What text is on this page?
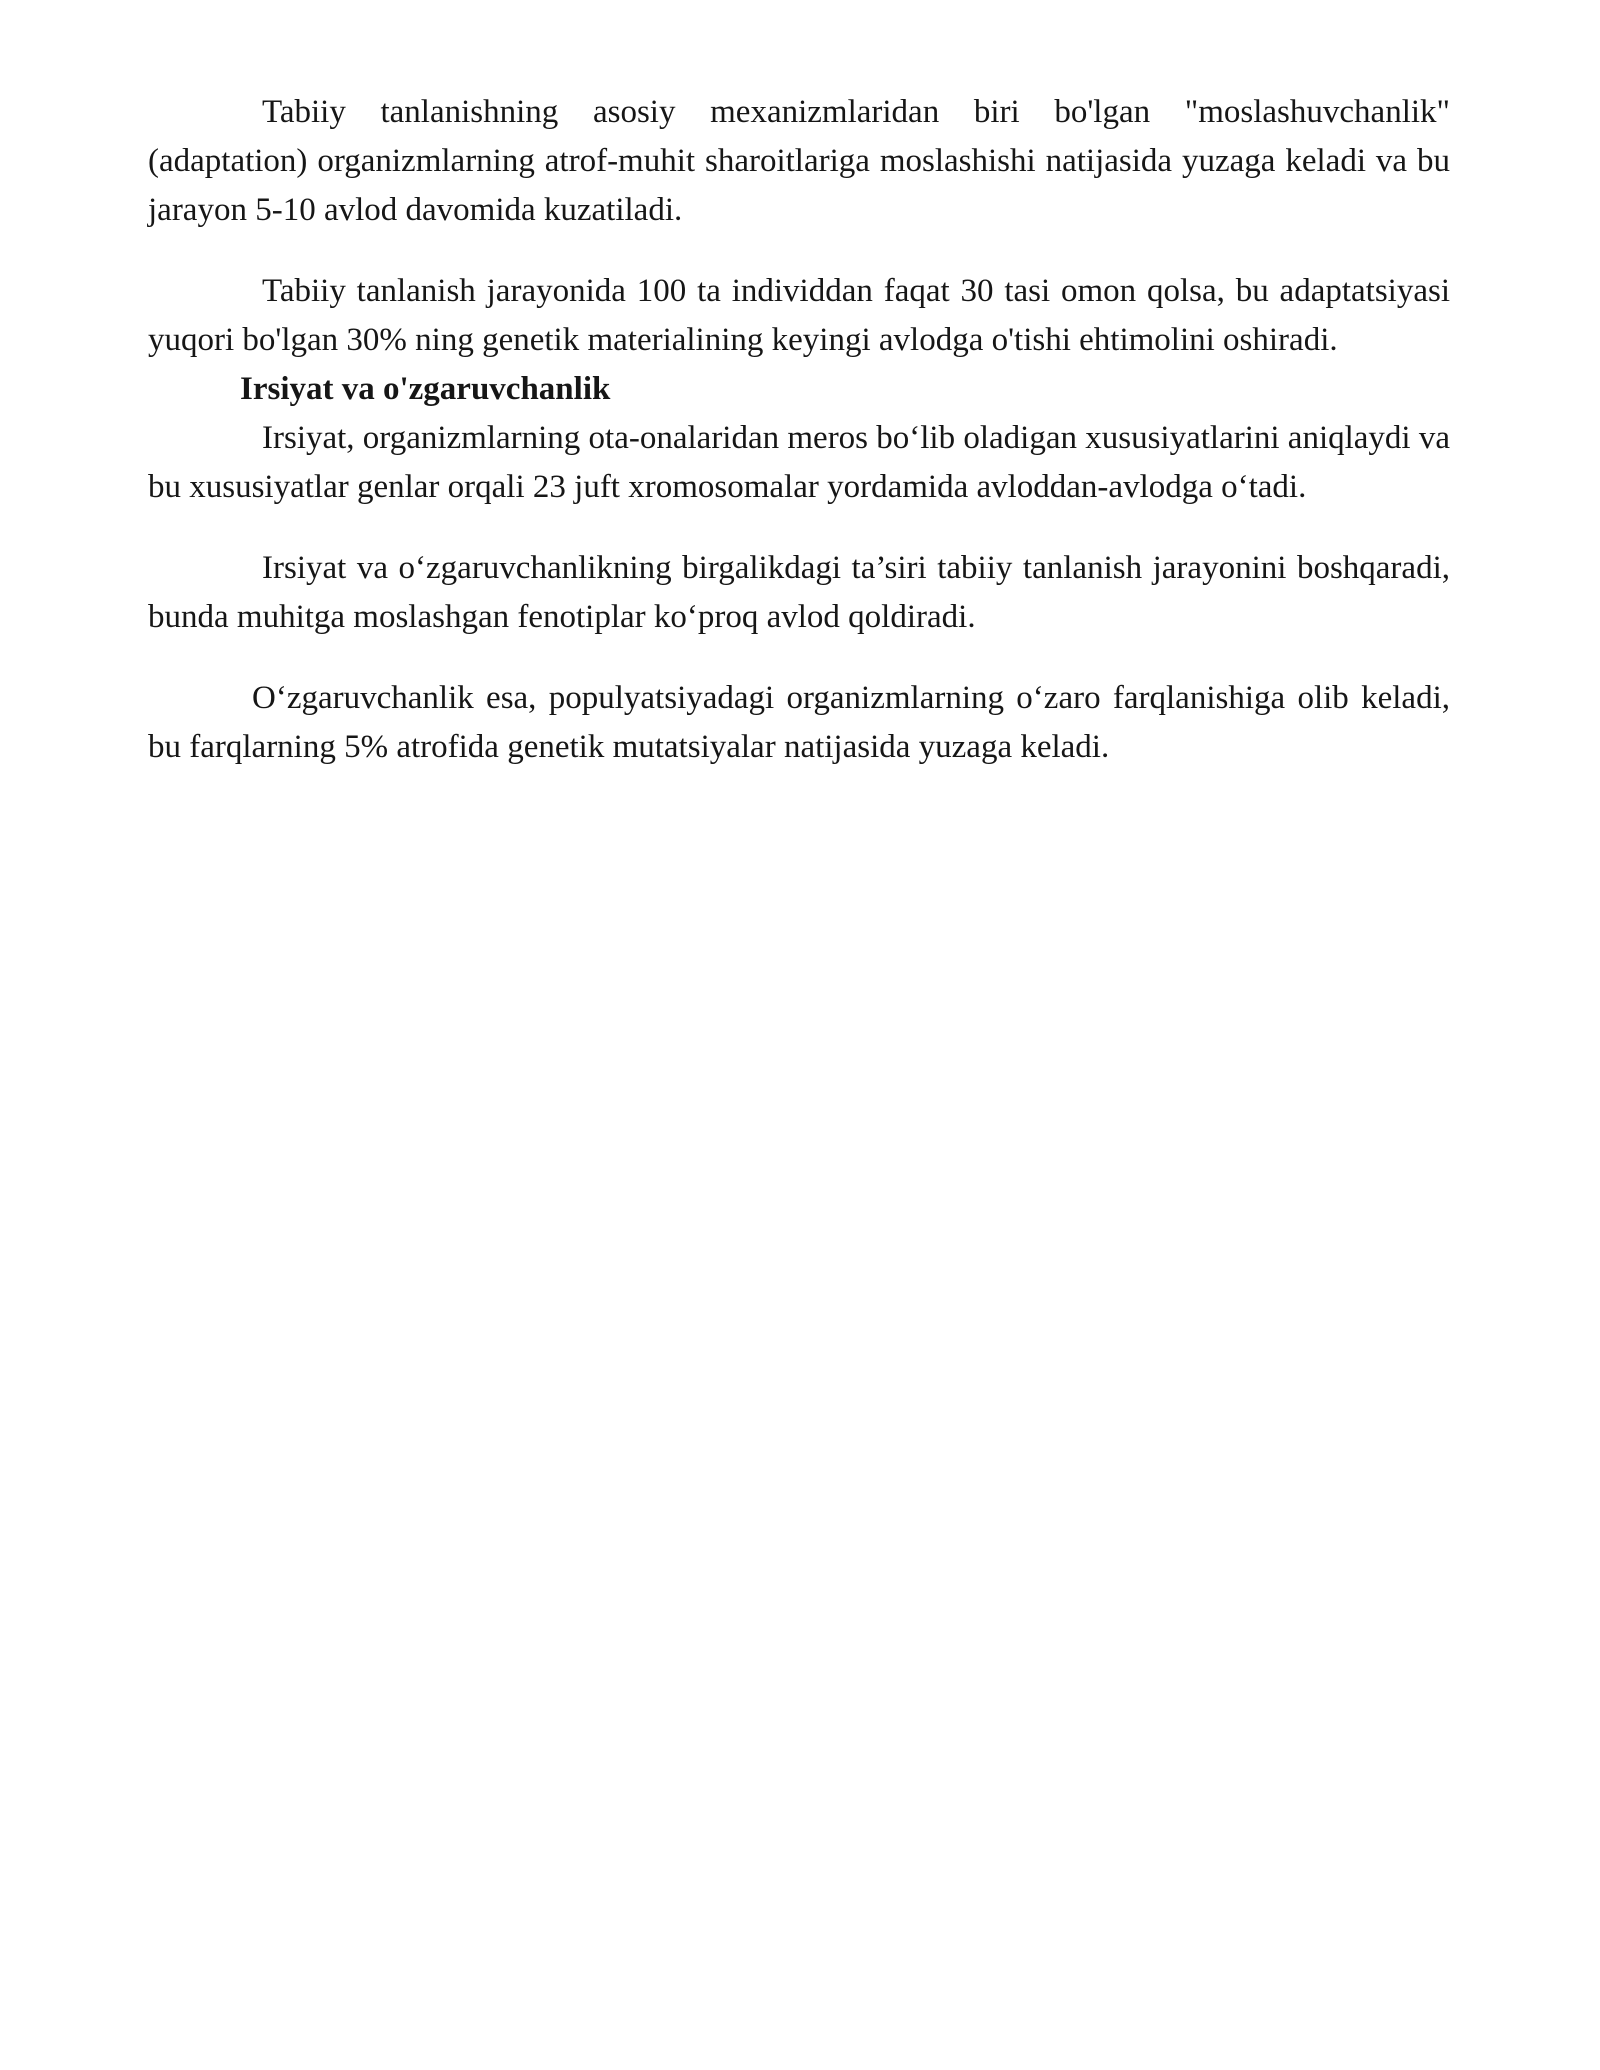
Tabiiy tanlanishning asosiy mexanizmlaridan biri bo'lgan "moslashuvchanlik" (adaptation) organizmlarning atrof-muhit sharoitlariga moslashishi natijasida yuzaga keladi va bu jarayon 5-10 avlod davomida kuzatiladi.

Tabiiy tanlanish jarayonida 100 ta individdan faqat 30 tasi omon qolsa, bu adaptatsiyasi yuqori bo'lgan 30% ning genetik materialining keyingi avlodga o'tishi ehtimolini oshiradi.

Irsiyat va o'zgaruvchanlik

Irsiyat, organizmlarning ota-onalaridan meros bo‘lib oladigan xususiyatlarini aniqlaydi va bu xususiyatlar genlar orqali 23 juft xromosomalar yordamida avloddan-avlodga o‘tadi.

Irsiyat va o‘zgaruvchanlikning birgalikdagi ta’siri tabiiy tanlanish jarayonini boshqaradi, bunda muhitga moslashgan fenotiplar ko‘proq avlod qoldiradi.

O‘zgaruvchanlik esa, populyatsiyadagi organizmlarning o‘zaro farqlanishiga olib keladi, bu farqlarning 5% atrofida genetik mutatsiyalar natijasida yuzaga keladi.
